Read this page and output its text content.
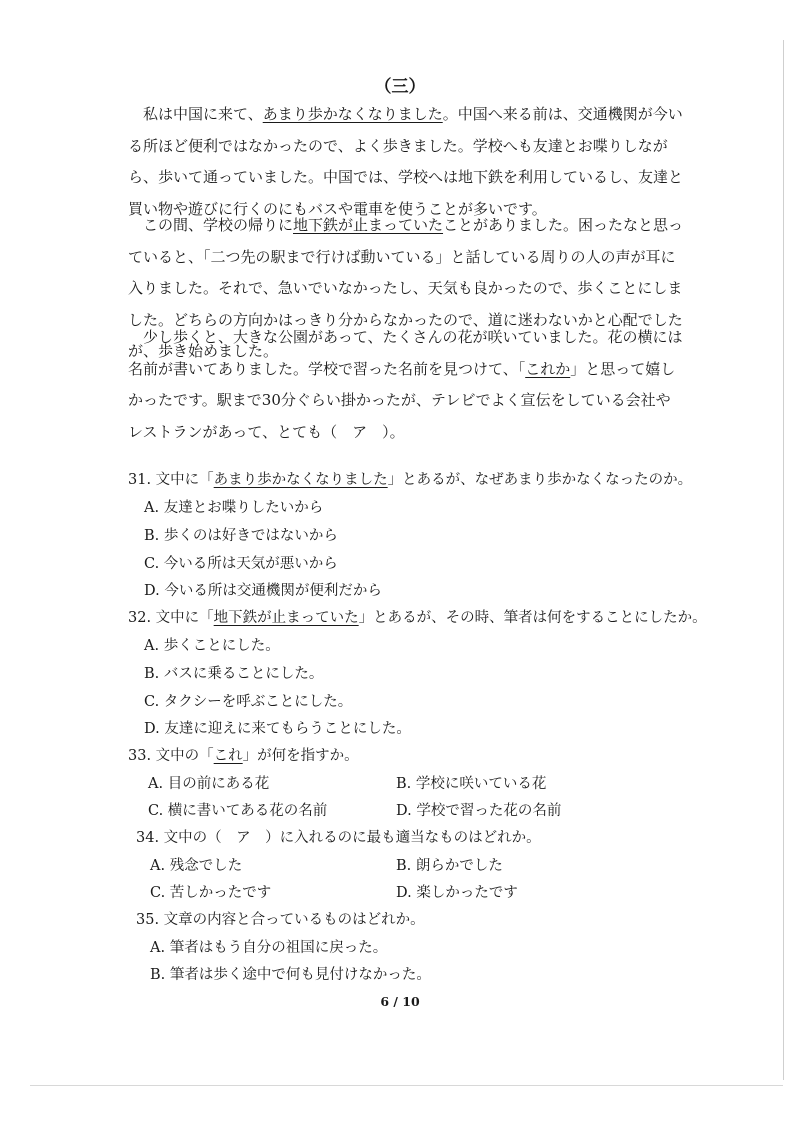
（三）
私は中国に来て、あまり歩かなくなりました。中国へ来る前は、交通機関が今いる所ほど便利ではなかったので、よく歩きました。学校へも友達とお喋りしながら、歩いて通っていました。中国では、学校へは地下鉄を利用しているし、友達と買い物や遊びに行くのにもバスや電車を使うことが多いです。
この間、学校の帰りに地下鉄が止まっていたことがありました。困ったなと思っていると、「二つ先の駅まで行けば動いている」と話している周りの人の声が耳に入りました。それで、急いでいなかったし、天気も良かったので、歩くことにしました。どちらの方向かはっきり分からなかったので、道に迷わないかと心配でしたが、歩き始めました。
少し歩くと、大きな公園があって、たくさんの花が咲いていました。花の横には名前が書いてありました。学校で習った名前を見つけて、「これか」と思って嬉しかったです。駅まで30分ぐらい掛かったが、テレビでよく宣伝をしている会社やレストランがあって、とても（　ア　）。
31. 文中に「あまり歩かなくなりました」とあるが、なぜあまり歩かなくなったのか。
A. 友達とお喋りしたいから
B. 歩くのは好きではないから
C. 今いる所は天気が悪いから
D. 今いる所は交通機関が便利だから
32. 文中に「地下鉄が止まっていた」とあるが、その時、筆者は何をすることにしたか。
A. 歩くことにした。
B. バスに乗ることにした。
C. タクシーを呼ぶことにした。
D. 友達に迎えに来てもらうことにした。
33. 文中の「これ」が何を指すか。
A. 目の前にある花	B. 学校に咲いている花
C. 横に書いてある花の名前	D. 学校で習った花の名前
34. 文中の（　ア　）に入れるのに最も適当なものはどれか。
A. 残念でした	B. 朗らかでした
C. 苦しかったです	D. 楽しかったです
35. 文章の内容と合っているものはどれか。
A. 筆者はもう自分の祖国に戻った。
B. 筆者は歩く途中で何も見付けなかった。
6 / 10
